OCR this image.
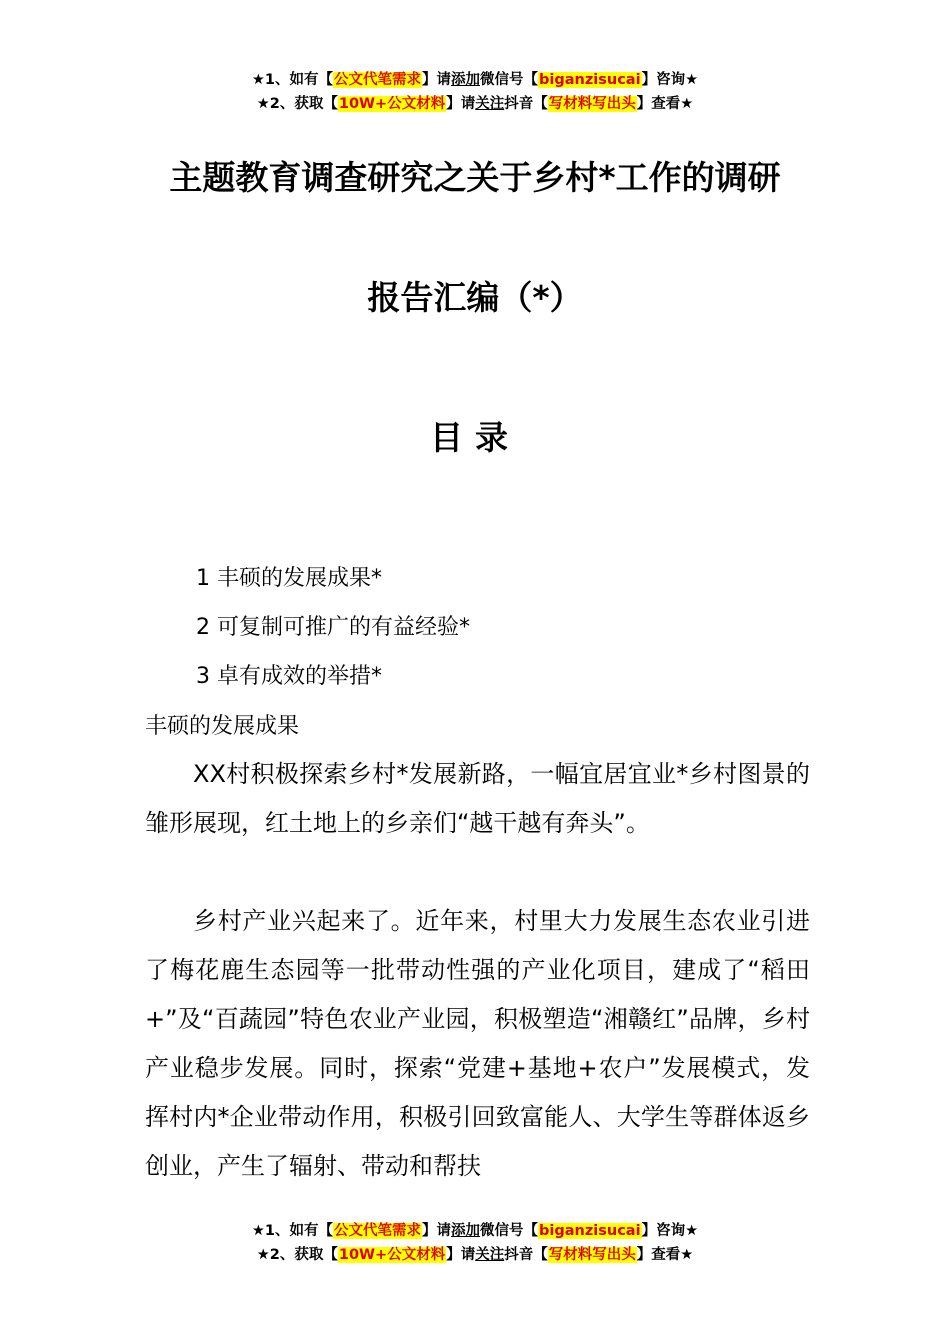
★1、如有【公文代笔需求】请添加微信号【biganzisucai】咨询★
★2、获取【10W+公文材料】请关注抖音【写材料写出头】查看★
主题教育调查研究之关于乡村*工作的调研
报告汇编（*）
目录
1 丰硕的发展成果*
2 可复制可推广的有益经验*
3 卓有成效的举措*
丰硕的发展成果
XX村积极探索乡村*发展新路，一幅宜居宜业*乡村图景的雏形展现，红土地上的乡亲们“越干越有奔头”。
乡村产业兴起来了。近年来，村里大力发展生态农业引进了梅花鹿生态园等一批带动性强的产业化项目，建成了“稻田+”及“百蔬园”特色农业产业园，积极塑造“湘赣红”品牌，乡村产业稳步发展。同时，探索“党建+基地+农户”发展模式，发挥村内*企业带动作用，积极引回致富能人、大学生等群体返乡创业，产生了辐射、带动和帮扶
★1、如有【公文代笔需求】请添加微信号【biganzisucai】咨询★
★2、获取【10W+公文材料】请关注抖音【写材料写出头】查看★
